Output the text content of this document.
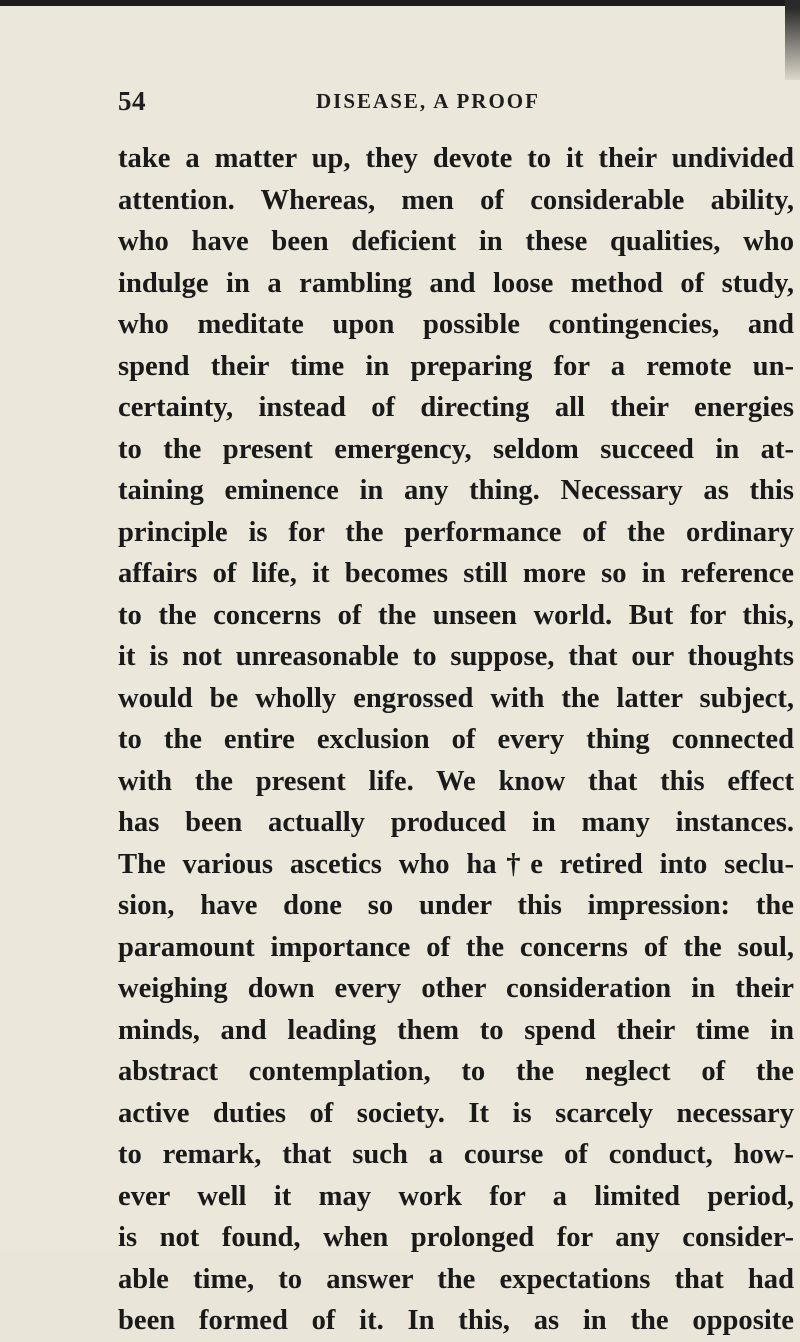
54	DISEASE, A PROOF
take a matter up, they devote to it their undivided
attention. Whereas, men of considerable ability,
who have been deficient in these qualities, who
indulge in a rambling and loose method of study,
who meditate upon possible contingencies, and
spend their time in preparing for a remote un-
certainty, instead of directing all their energies
to the present emergency, seldom succeed in at-
taining eminence in any thing. Necessary as this
principle is for the performance of the ordinary
affairs of life, it becomes still more so in reference
to the concerns of the unseen world. But for this,
it is not unreasonable to suppose, that our thoughts
would be wholly engrossed with the latter subject,
to the entire exclusion of every thing connected
with the present life. We know that this effect
has been actually produced in many instances.
The various ascetics who ha†e retired into seclu-
sion, have done so under this impression: the
paramount importance of the concerns of the soul,
weighing down every other consideration in their
minds, and leading them to spend their time in
abstract contemplation, to the neglect of the
active duties of society. It is scarcely necessary
to remark, that such a course of conduct, how-
ever well it may work for a limited period,
is not found, when prolonged for any consider-
able time, to answer the expectations that had
been formed of it. In this, as in the opposite
